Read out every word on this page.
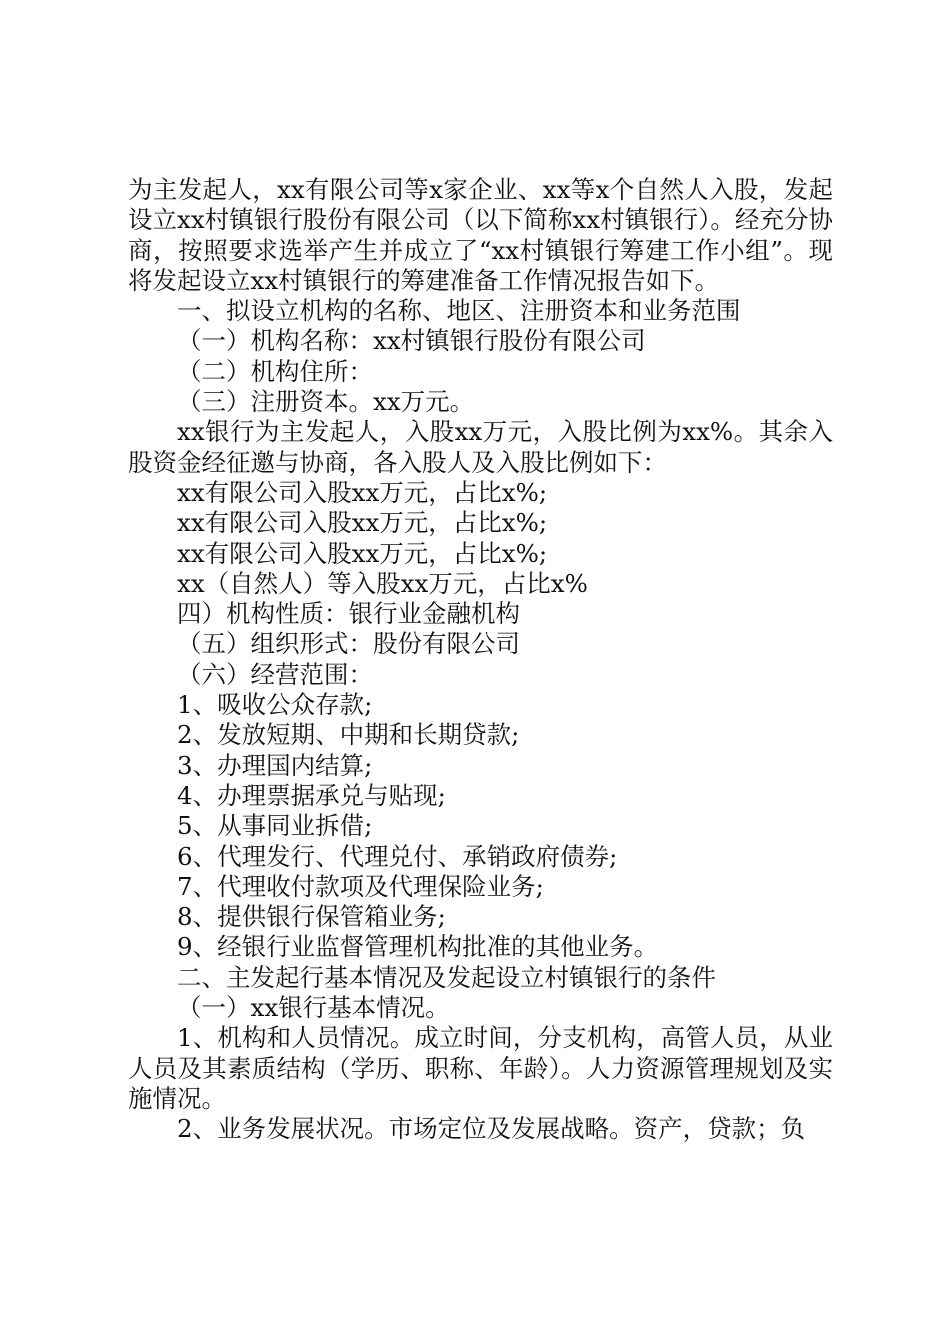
为主发起人，xx有限公司等x家企业、xx等x个自然人入股，发起设立xx村镇银行股份有限公司（以下简称xx村镇银行）。经充分协商，按照要求选举产生并成立了“xx村镇银行筹建工作小组”。现将发起设立xx村镇银行的筹建准备工作情况报告如下。

一、拟设立机构的名称、地区、注册资本和业务范围

（一）机构名称：xx村镇银行股份有限公司

（二）机构住所：

（三）注册资本。xx万元。

xx银行为主发起人，入股xx万元，入股比例为xx%。其余入股资金经征邀与协商，各入股人及入股比例如下：

xx有限公司入股xx万元，占比x%;

xx有限公司入股xx万元，占比x%;

xx有限公司入股xx万元，占比x%;

xx（自然人）等入股xx万元，占比x%

四）机构性质：银行业金融机构

（五）组织形式：股份有限公司

（六）经营范围：

1、吸收公众存款;

2、发放短期、中期和长期贷款;

3、办理国内结算;

4、办理票据承兑与贴现;

5、从事同业拆借;

6、代理发行、代理兑付、承销政府债券;

7、代理收付款项及代理保险业务;

8、提供银行保管箱业务;

9、经银行业监督管理机构批准的其他业务。

二、主发起行基本情况及发起设立村镇银行的条件

（一）xx银行基本情况。

1、机构和人员情况。成立时间，分支机构，高管人员，从业人员及其素质结构（学历、职称、年龄）。人力资源管理规划及实施情况。

2、业务发展状况。市场定位及发展战略。资产，贷款；负
